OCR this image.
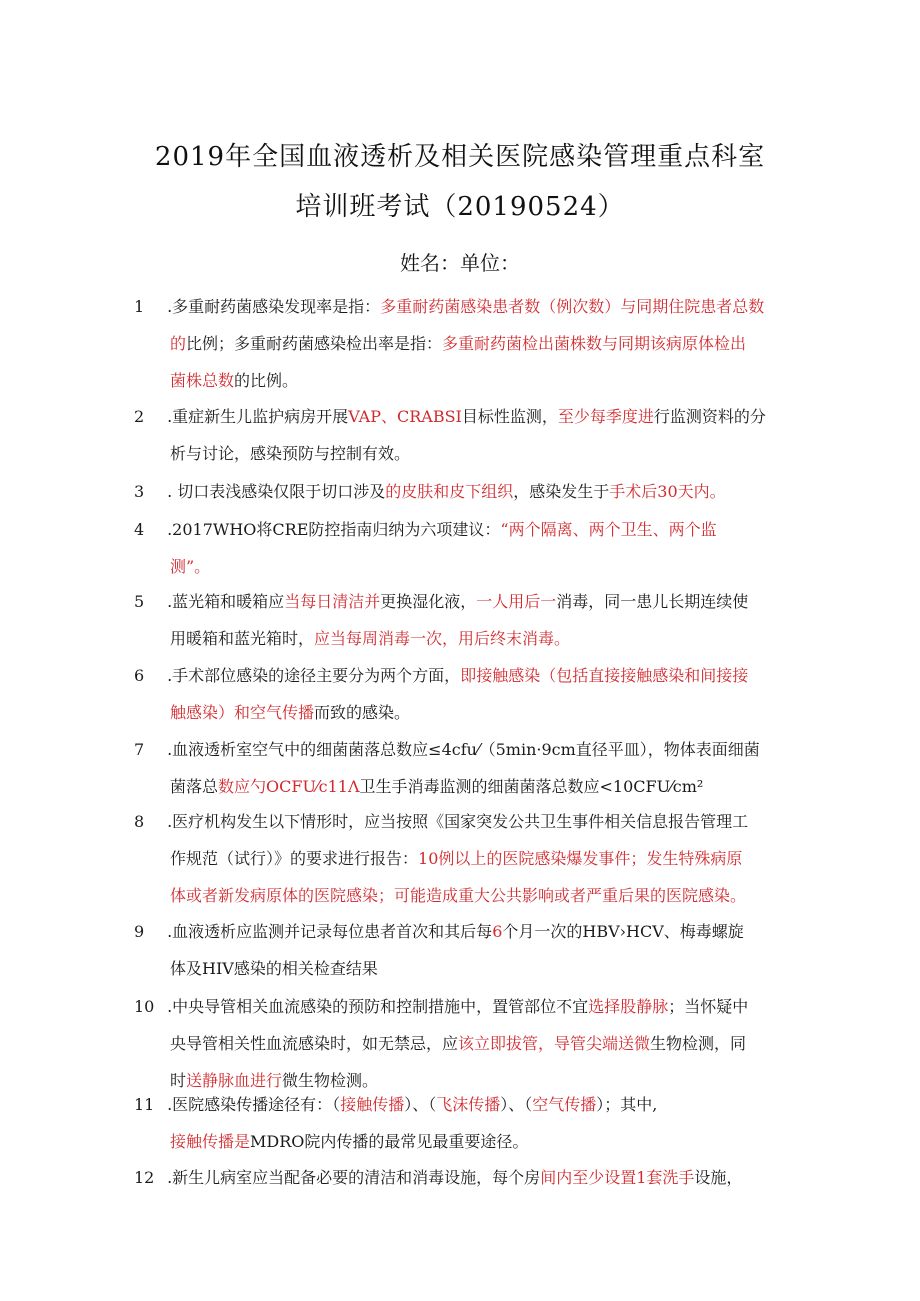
2019年全国血液透析及相关医院感染管理重点科室
培训班考试（20190524）
姓名：单位：
1 .多重耐药菌感染发现率是指：多重耐药菌感染患者数（例次数）与同期住院患者总数
的比例；多重耐药菌感染检出率是指：多重耐药菌检出菌株数与同期该病原体检出
菌株总数的比例。
2 .重症新生儿监护病房开展VAP、CRABSI目标性监测，至少每季度进行监测资料的分
析与讨论，感染预防与控制有效。
3 . 切口表浅感染仅限于切口涉及的皮肤和皮下组织，感染发生于手术后30天内。
4 .2017WHO将CRE防控指南归纳为六项建议：“两个隔离、两个卫生、两个监
测”。
5 .蓝光箱和暖箱应当每日清洁并更换湿化液，一人用后一消毒，同一患儿长期连续使
用暖箱和蓝光箱时，应当每周消毒一次，用后终末消毒。
6 .手术部位感染的途径主要分为两个方面，即接触感染（包括直接接触感染和间接接
触感染）和空气传播而致的感染。
7 .血液透析室空气中的细菌菌落总数应≤4cfu⁄（5min·9cm直径平皿），物体表面细菌
菌落总数应勺OCFU⁄c11Λ卫生手消毒监测的细菌菌落总数应<10CFU⁄cm²
8 .医疗机构发生以下情形时，应当按照《国家突发公共卫生事件相关信息报告管理工
作规范（试行）》的要求进行报告：10例以上的医院感染爆发事件；发生特殊病原
体或者新发病原体的医院感染；可能造成重大公共影响或者严重后果的医院感染。
9 .血液透析应监测并记录每位患者首次和其后每6个月一次的HBV›HCV、梅毒螺旋
体及HIV感染的相关检查结果
10 .中央导管相关血流感染的预防和控制措施中，置管部位不宜选择股静脉；当怀疑中
央导管相关性血流感染时，如无禁忌，应该立即拔管，导管尖端送微生物检测，同
时送静脉血进行微生物检测。
11 .医院感染传播途径有：（接触传播）、（飞沫传播）、（空气传播）；其中,
接触传播是MDRO院内传播的最常见最重要途径。
12 .新生儿病室应当配备必要的清洁和消毒设施，每个房间内至少设置1套洗手设施，
